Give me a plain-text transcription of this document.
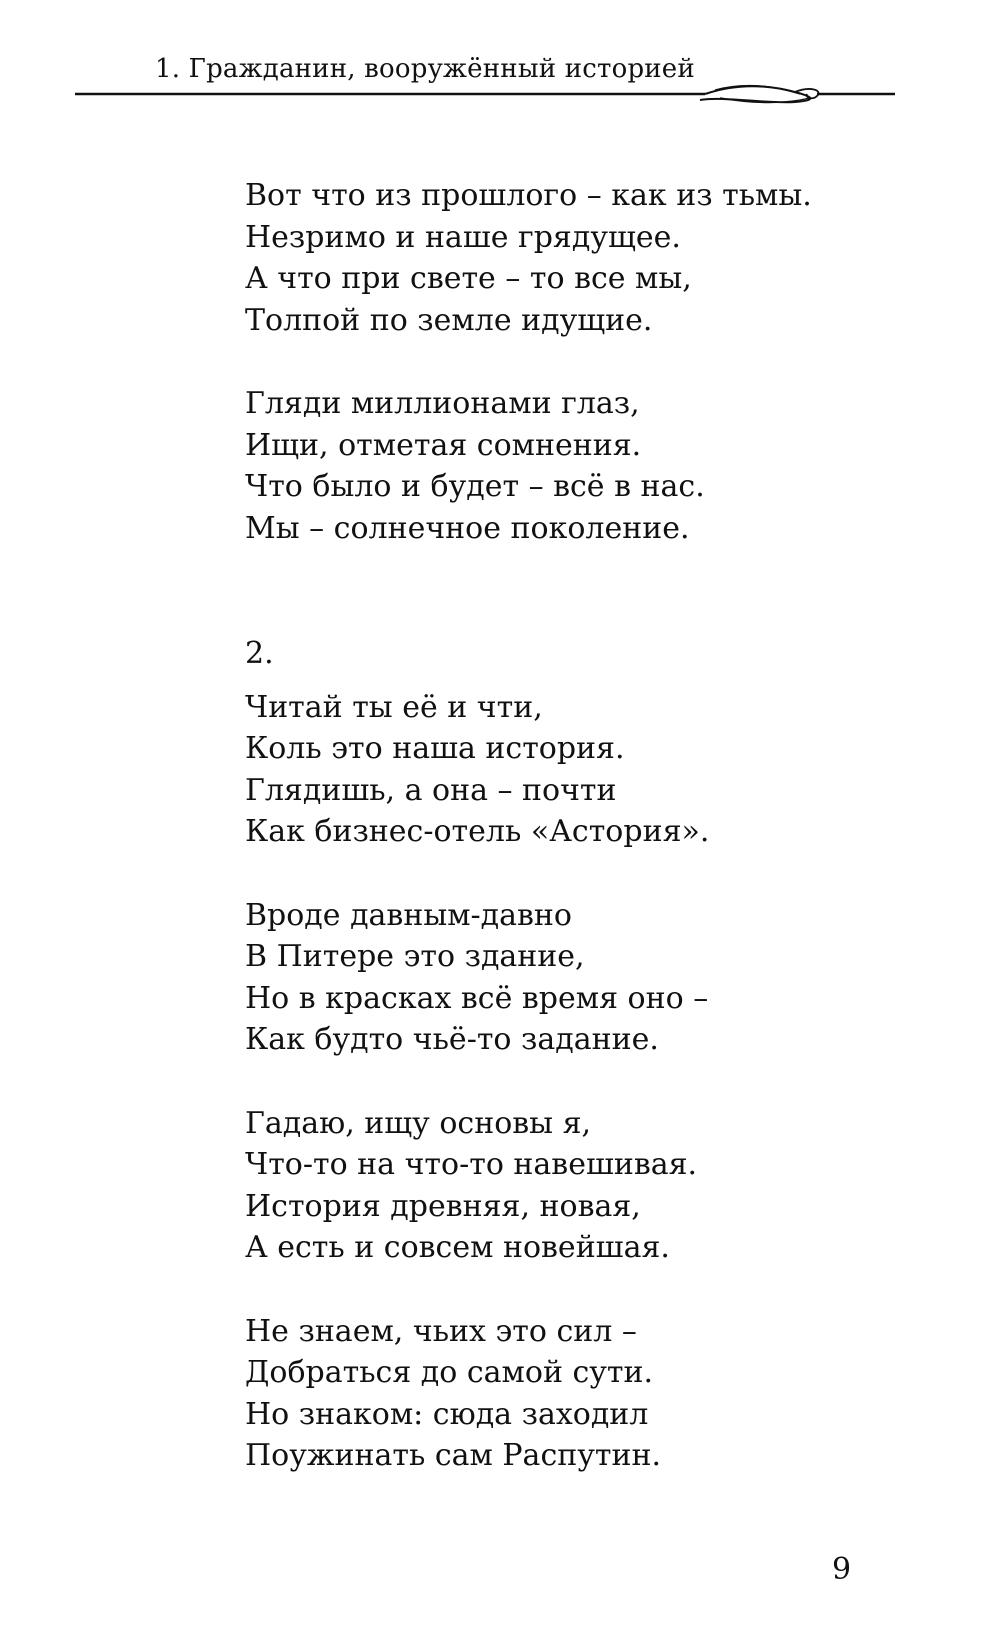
1. Гражданин, вооружённый историей
Вот что из прошлого – как из тьмы.
Незримо и наше грядущее.
А что при свете – то все мы,
Толпой по земле идущие.
Гляди миллионами глаз,
Ищи, отметая сомнения.
Что было и будет – всё в нас.
Мы – солнечное поколение.
2.
Читай ты её и чти,
Коль это наша история.
Глядишь, а она – почти
Как бизнес-отель «Астория».
Вроде давным-давно
В Питере это здание,
Но в красках всё время оно –
Как будто чьё-то задание.
Гадаю, ищу основы я,
Что-то на что-то навешивая.
История древняя, новая,
А есть и совсем новейшая.
Не знаем, чьих это сил –
Добраться до самой сути.
Но знаком: сюда заходил
Поужинать сам Распутин.
9
